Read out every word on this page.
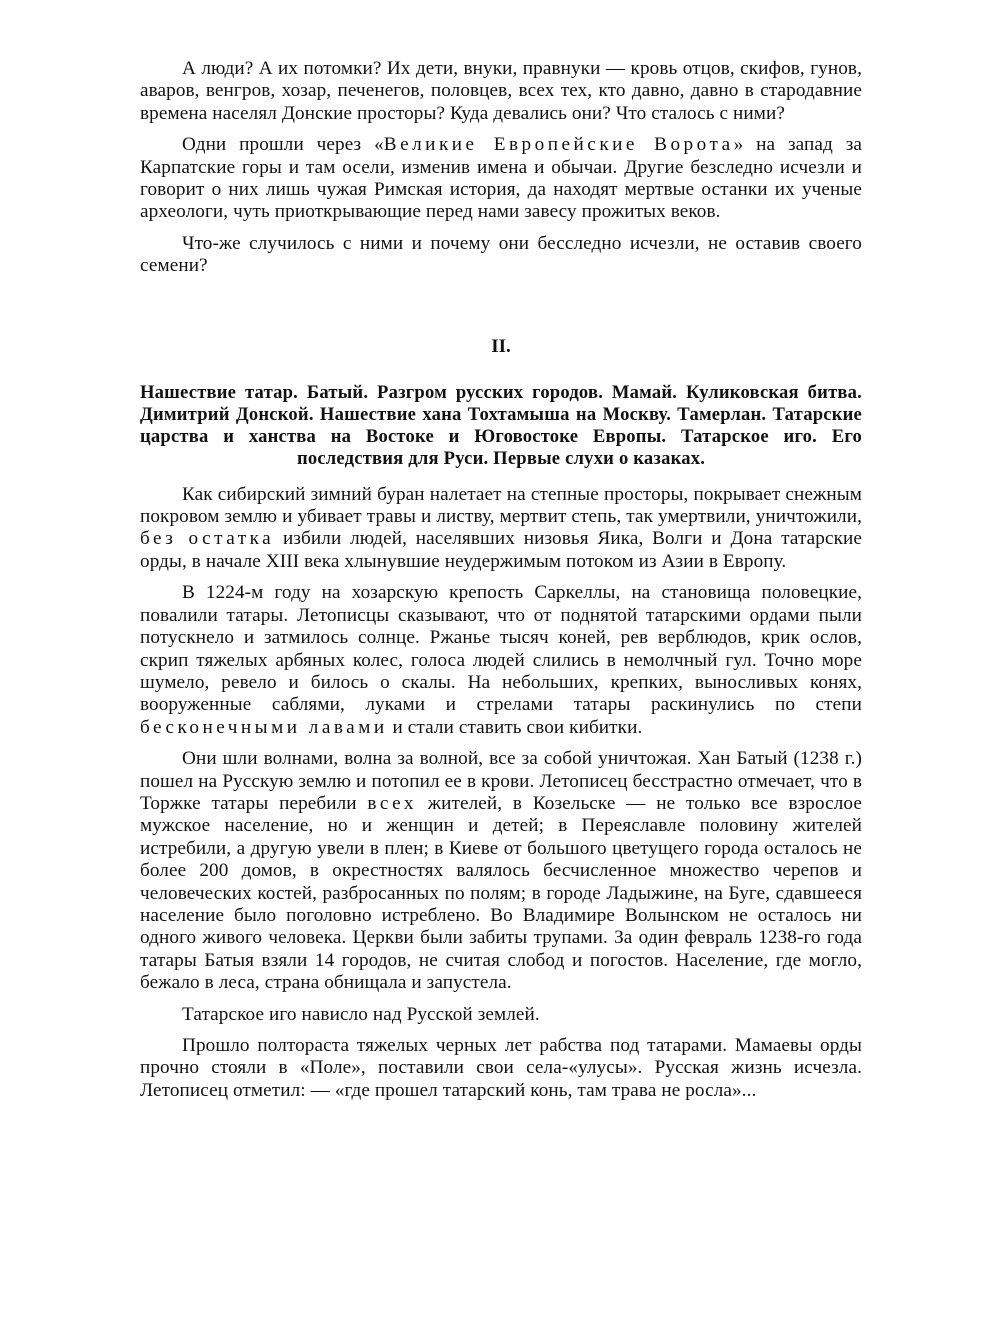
А люди? А их потомки? Их дети, внуки, правнуки — кровь отцов, скифов, гунов, аваров, венгров, хозар, печенегов, половцев, всех тех, кто давно, давно в стародавние времена населял Донские просторы? Куда девались они? Что сталось с ними?

Одни прошли через «Великие Европейские Ворота» на запад за Карпатские горы и там осели, изменив имена и обычаи. Другие безследно исчезли и говорит о них лишь чужая Римская история, да находят мертвые останки их ученые археологи, чуть приоткрывающие перед нами завесу прожитых веков.

Что-же случилось с ними и почему они бесследно исчезли, не оставив своего семени?

II.
Нашествие татар. Батый. Разгром русских городов. Мамай. Куликовская битва. Димитрий Донской. Нашествие хана Тохтамыша на Москву. Тамерлан. Татарские царства и ханства на Востоке и Юговостоке Европы. Татарское иго. Его последствия для Руси. Первые слухи о казаках.

Как сибирский зимний буран налетает на степные просторы, покрывает снежным покровом землю и убивает травы и листву, мертвит степь, так умертвили, уничтожили, без остатка избили людей, населявших низовья Яика, Волги и Дона татарские орды, в начале XIII века хлынувшие неудержимым потоком из Азии в Европу.

В 1224-м году на хозарскую крепость Саркеллы, на становища половецкие, повалили татары. Летописцы сказывают, что от поднятой татарскими ордами пыли потускнело и затмилось солнце. Ржанье тысяч коней, рев верблюдов, крик ослов, скрип тяжелых арбяных колес, голоса людей слились в немолчный гул. Точно море шумело, ревело и билось о скалы. На небольших, крепких, выносливых конях, вооруженные саблями, луками и стрелами татары раскинулись по степи бесконечными лавами и стали ставить свои кибитки.

Они шли волнами, волна за волной, все за собой уничтожая. Хан Батый (1238 г.) пошел на Русскую землю и потопил ее в крови. Летописец бесстрастно отмечает, что в Торжке татары перебили всех жителей, в Козельске — не только все взрослое мужское население, но и женщин и детей; в Переяславле половину жителей истребили, а другую увели в плен; в Киеве от большого цветущего города осталось не более 200 домов, в окрестностях валялось бесчисленное множество черепов и человеческих костей, разбросанных по полям; в городе Ладыжине, на Буге, сдавшееся население было поголовно истреблено. Во Владимире Волынском не осталось ни одного живого человека. Церкви были забиты трупами. За один февраль 1238-го года татары Батыя взяли 14 городов, не считая слобод и погостов. Население, где могло, бежало в леса, страна обнищала и запустела.

Татарское иго нависло над Русской землей.

Прошло полтораста тяжелых черных лет рабства под татарами. Мамаевы орды прочно стояли в «Поле», поставили свои села-«улусы». Русская жизнь исчезла. Летописец отметил: — «где прошел татарский конь, там трава не росла»...
